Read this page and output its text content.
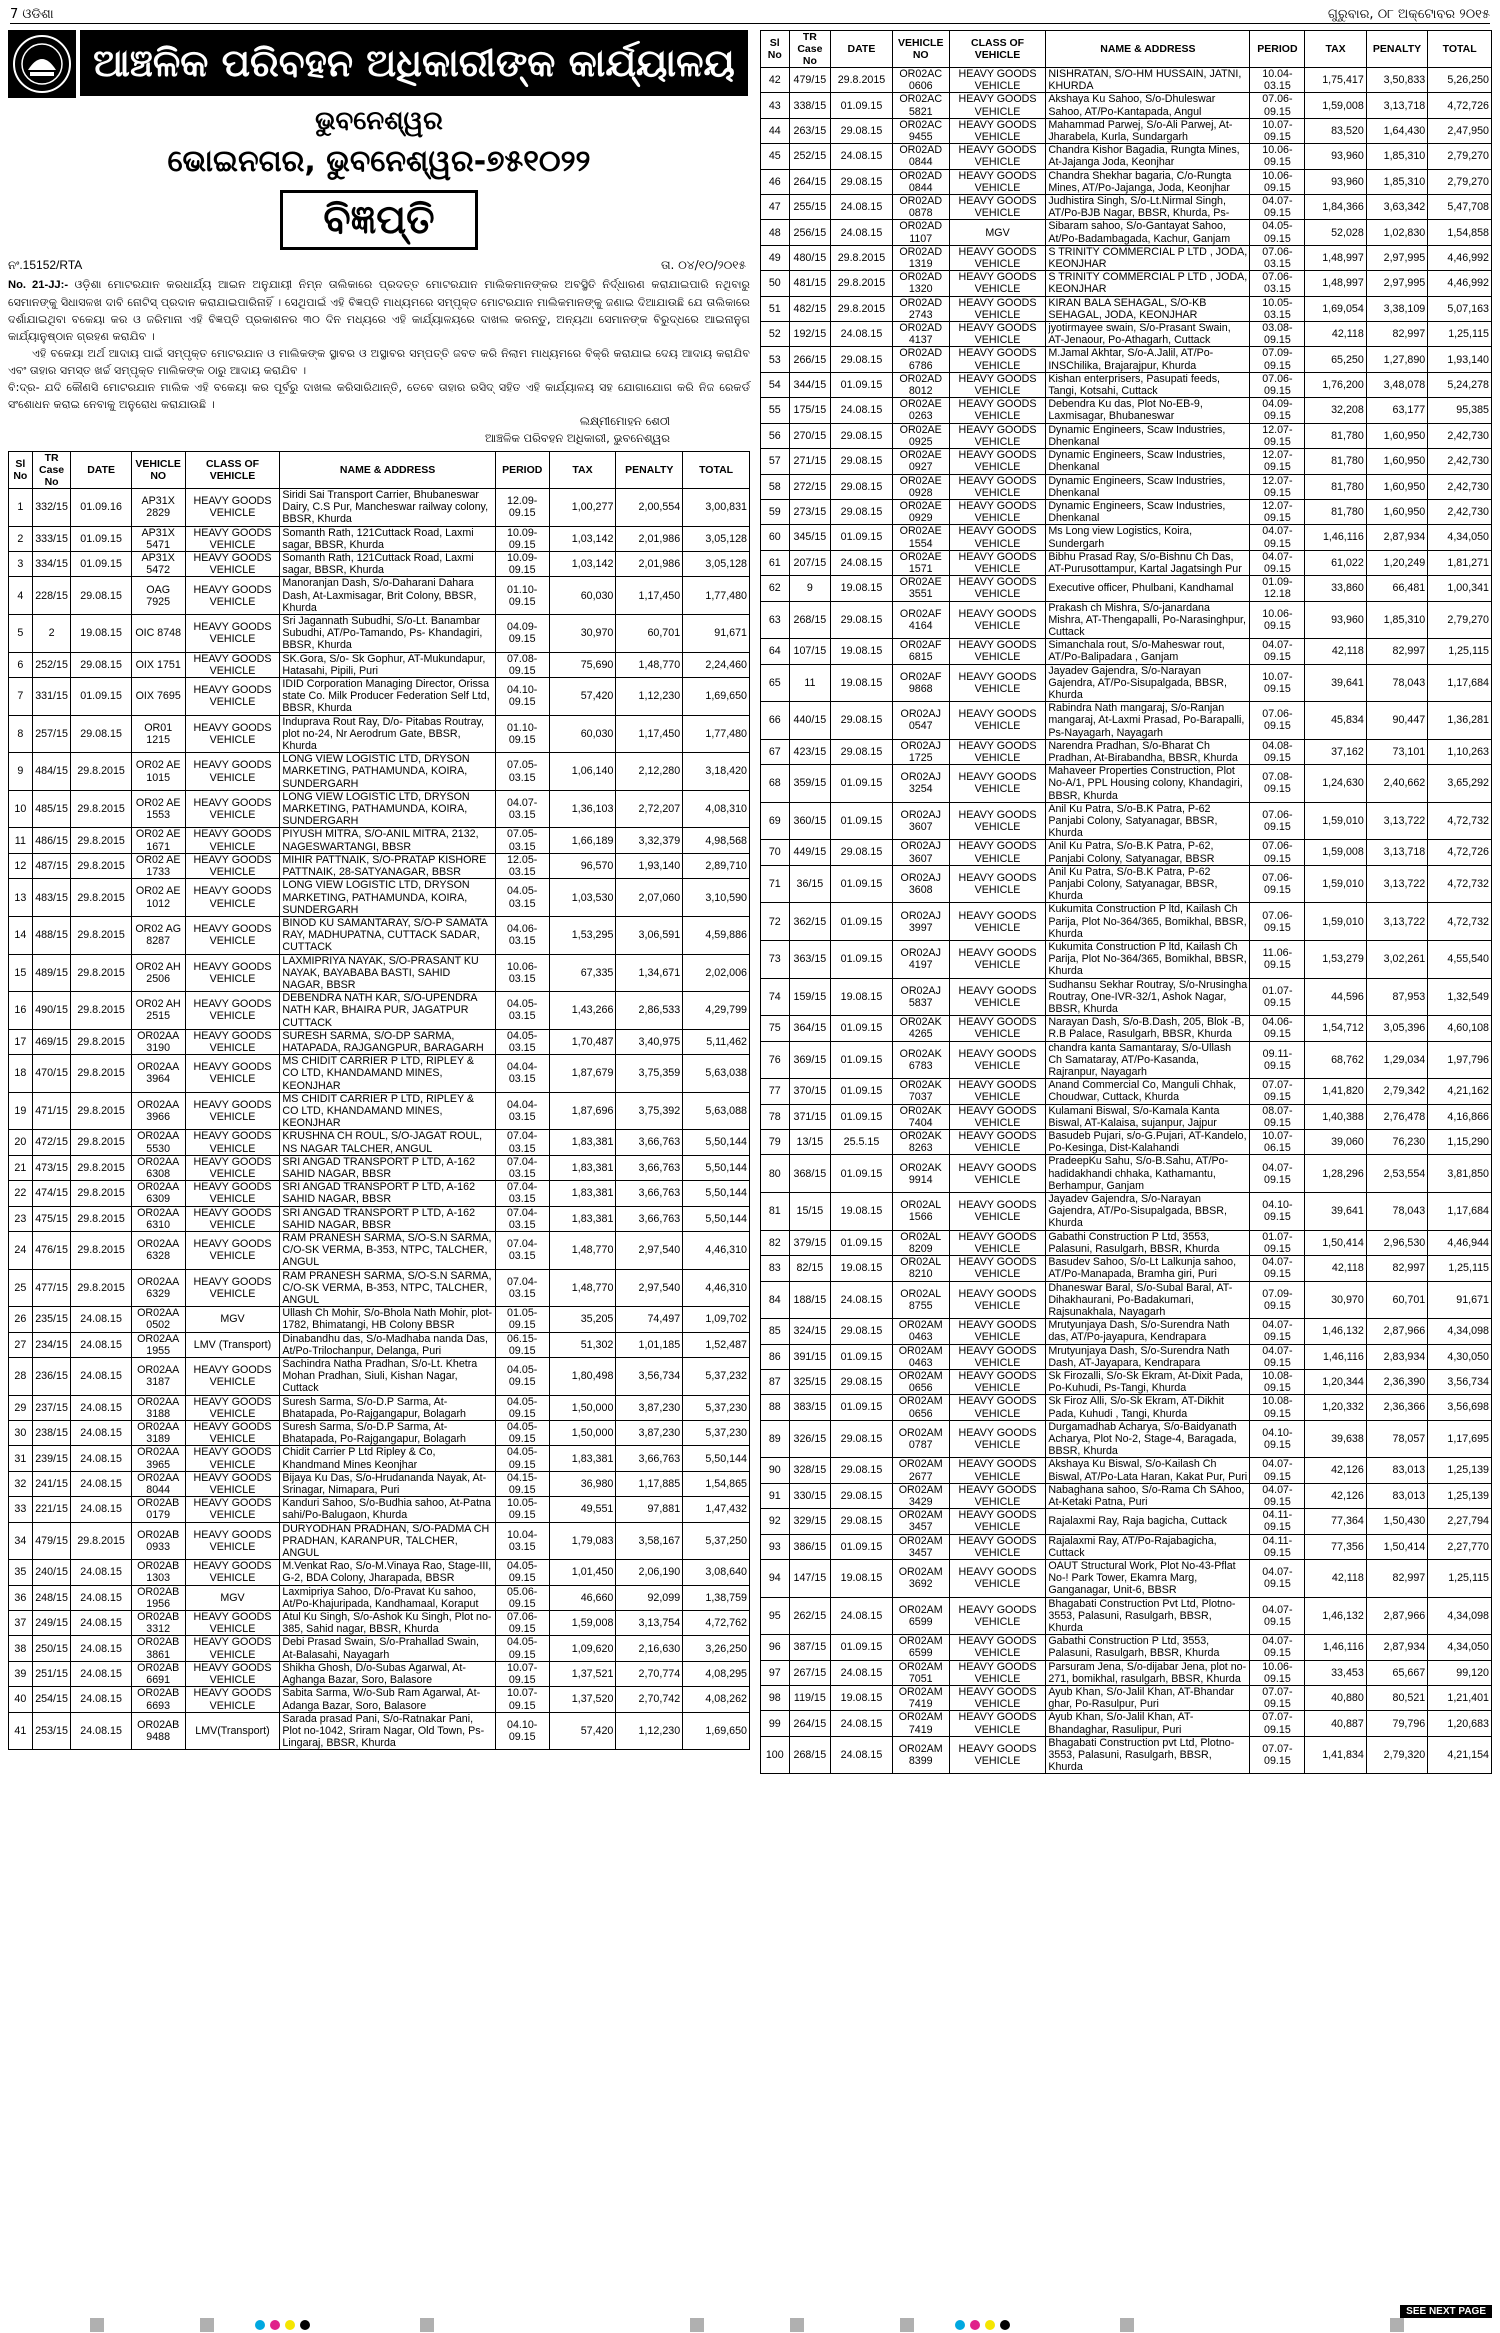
7 ଓଡିଶା	ଗୁରୁବାର, ୦୮ ଅକ୍ଟୋବର ୨୦୧୫
ଆଞ୍ଚଳିକ ପରିବହନ ଅଧିକାରୀଙ୍କ କାର୍ଯ୍ୟାଳୟ
ଭୁବନେଶ୍ୱର
ଭୋଇନଗର, ଭୁବନେଶ୍ୱର-୭୫୧୦୨୨
ବିଜ୍ଞପ୍ତି
ନଂ.15152/RTA	ତା. ୦୪/୧୦/୨୦୧୫

No. 21-JJ:- ଓଡ଼ିଶା ମୋଟରଯାନ କରଧାର୍ଯ୍ୟ ଆଇନ ଅନୁଯାୟୀ ନିମ୍ନ ତାଲିକାରେ ପ୍ରଦତ୍ତ ମୋଟରଯାନ ମାଲିକମାନଙ୍କର ଅବସ୍ଥିତି ନିର୍ଦ୍ଧାରଣ କରାଯାଇପାରି ନଥିବାରୁ ସେମାନଙ୍କୁ ସିଧାସଳଖ ଦାବି ନୋଟିସ୍ ପ୍ରଦାନ କରାଯାଇପାରିନାହିଁ । ସେଥିପାଇଁ ଏହି ବିଜ୍ଞପ୍ତି ମାଧ୍ୟମରେ ସମ୍ପୃକ୍ତ ମୋଟରଯାନ ମାଲିକମାନଙ୍କୁ ଜଣାଇ ଦିଆଯାଉଛି ଯେ ତାଲିକାରେ ଦର୍ଶାଯାଇଥିବା ବକେୟା କର ଓ ଜରିମାନା ଏହି ବିଜ୍ଞପ୍ତି ପ୍ରକାଶନର ୩୦ ଦିନ ମଧ୍ୟରେ ଏହି କାର୍ଯ୍ୟାଳୟରେ ଦାଖଲ କରନ୍ତୁ, ଅନ୍ୟଥା ସେମାନଙ୍କ ବିରୁଦ୍ଧରେ ଆଇନାନୁଗ କାର୍ଯ୍ୟାନୁଷ୍ଠାନ ଗ୍ରହଣ କରାଯିବ ।

ଏହି ବକେୟା ଅର୍ଥ ଆଦାୟ ପାଇଁ ସମ୍ପୃକ୍ତ ମୋଟରଯାନ ଓ ମାଲିକଙ୍କ ସ୍ଥାବର ଓ ଅସ୍ଥାବର ସମ୍ପତ୍ତି ଜବତ କରି ନିଲାମ ମାଧ୍ୟମରେ ବିକ୍ରି କରାଯାଇ ଦେୟ ଆଦାୟ କରାଯିବ ଏବଂ ତାହାର ସମସ୍ତ ଖର୍ଚ୍ଚ ସମ୍ପୃକ୍ତ ମାଲିକଙ୍କ ଠାରୁ ଆଦାୟ କରାଯିବ ।

ବି:ଦ୍ର- ଯଦି କୌଣସି ମୋଟରଯାନ ମାଲିକ ଏହି ବକେୟା କର ପୂର୍ବରୁ ଦାଖଲ କରିସାରିଥାନ୍ତି, ତେବେ ତାହାର ରସିଦ୍ ସହିତ ଏହି କାର୍ଯ୍ୟାଳୟ ସହ ଯୋଗାଯୋଗ କରି ନିଜ ରେକର୍ଡ ସଂଶୋଧନ କରାଇ ନେବାକୁ ଅନୁରୋଧ କରାଯାଉଛି ।

ଲକ୍ଷ୍ମୀମୋହନ ଶେଠୀ
ଆଞ୍ଚଳିକ ପରିବହନ ଅଧିକାରୀ, ଭୁବନେଶ୍ୱର
Sl No	TR Case No	DATE	VEHICLE NO	CLASS OF VEHICLE	NAME & ADDRESS	PERIOD	TAX	PENALTY	TOTAL
1	332/15	01.09.16	AP31X 2829	HEAVY GOODS VEHICLE	Siridi Sai Transport Carrier, Bhubaneswar Dairy, C.S Pur, Mancheswar railway colony, BBSR, Khurda	12.09-09.15	1,00,277	2,00,554	3,00,831
2	333/15	01.09.15	AP31X 5471	HEAVY GOODS VEHICLE	Somanth Rath, 121Cuttack Road, Laxmi sagar, BBSR, Khurda	10.09-09.15	1,03,142	2,01,986	3,05,128
3	334/15	01.09.15	AP31X 5472	HEAVY GOODS VEHICLE	Somanth Rath, 121Cuttack Road, Laxmi sagar, BBSR, Khurda	10.09-09.15	1,03,142	2,01,986	3,05,128
4	228/15	29.08.15	OAG 7925	HEAVY GOODS VEHICLE	Manoranjan Dash, S/o-Daharani Dahara Dash, At-Laxmisagar, Brit Colony, BBSR, Khurda	01.10-09.15	60,030	1,17,450	1,77,480
5	2	19.08.15	OIC 8748	HEAVY GOODS VEHICLE	Sri Jagannath Subudhi, S/o-Lt. Banambar Subudhi, AT/Po-Tamando, Ps- Khandagiri, BBSR, Khurda	04.09-09.15	30,970	60,701	91,671
6	252/15	29.08.15	OIX 1751	HEAVY GOODS VEHICLE	SK.Gora, S/o- Sk Gophur, AT-Mukundapur, Hatasahi, Pipili, Puri	07.08-09.15	75,690	1,48,770	2,24,460
7	331/15	01.09.15	OIX 7695	HEAVY GOODS VEHICLE	IDID Corporation Managing Director, Orissa state Co. Milk Producer Federation Self Ltd, BBSR, Khurda	04.10-09.15	57,420	1,12,230	1,69,650
8	257/15	29.08.15	OR01 1215	HEAVY GOODS VEHICLE	Induprava Rout Ray, D/o- Pitabas Routray, plot no-24, Nr Aerodrum Gate, BBSR, Khurda	01.10-09.15	60,030	1,17,450	1,77,480
9	484/15	29.8.2015	OR02 AE 1015	HEAVY GOODS VEHICLE	LONG VIEW LOGISTIC LTD, DRYSON MARKETING, PATHAMUNDA, KOIRA, SUNDERGARH	07.05-03.15	1,06,140	2,12,280	3,18,420
10	485/15	29.8.2015	OR02 AE 1553	HEAVY GOODS VEHICLE	LONG VIEW LOGISTIC LTD, DRYSON MARKETING, PATHAMUNDA, KOIRA, SUNDERGARH	04.07-03.15	1,36,103	2,72,207	4,08,310
11	486/15	29.8.2015	OR02 AE 1671	HEAVY GOODS VEHICLE	PIYUSH MITRA, S/O-ANIL MITRA, 2132, NAGESWARTANGI, BBSR	07.05-03.15	1,66,189	3,32,379	4,98,568
12	487/15	29.8.2015	OR02 AE 1733	HEAVY GOODS VEHICLE	MIHIR PATTNAIK, S/O-PRATAP KISHORE PATTNAIK, 28-SATYANAGAR, BBSR	12.05-03.15	96,570	1,93,140	2,89,710
13	483/15	29.8.2015	OR02 AE 1012	HEAVY GOODS VEHICLE	LONG VIEW LOGISTIC LTD, DRYSON MARKETING, PATHAMUNDA, KOIRA, SUNDERGARH	04.05-03.15	1,03,530	2,07,060	3,10,590
14	488/15	29.8.2015	OR02 AG 8287	HEAVY GOODS VEHICLE	BINOD KU SAMANTARAY, S/O-P SAMATA RAY, MADHUPATNA, CUTTACK SADAR, CUTTACK	04.06-03.15	1,53,295	3,06,591	4,59,886
15	489/15	29.8.2015	OR02 AH 2506	HEAVY GOODS VEHICLE	LAXMIPRIYA NAYAK, S/O-PRASANT KU NAYAK, BAYABABA BASTI, SAHID NAGAR, BBSR	10.06-03.15	67,335	1,34,671	2,02,006
16	490/15	29.8.2015	OR02 AH 2515	HEAVY GOODS VEHICLE	DEBENDRA NATH KAR, S/O-UPENDRA NATH KAR, BHAIRA PUR, JAGATPUR CUTTACK	04.05-03.15	1,43,266	2,86,533	4,29,799
17	469/15	29.8.2015	OR02AA 3190	HEAVY GOODS VEHICLE	SURESH SARMA, S/O-DP SARMA, HATAPADA, RAJGANGPUR, BARAGARH	04.05-03.15	1,70,487	3,40,975	5,11,462
18	470/15	29.8.2015	OR02AA 3964	HEAVY GOODS VEHICLE	MS CHIDIT CARRIER P LTD, RIPLEY & CO LTD, KHANDAMAND MINES, KEONJHAR	04.04-03.15	1,87,679	3,75,359	5,63,038
19	471/15	29.8.2015	OR02AA 3966	HEAVY GOODS VEHICLE	MS CHIDIT CARRIER P LTD, RIPLEY & CO LTD, KHANDAMAND MINES, KEONJHAR	04.04-03.15	1,87,696	3,75,392	5,63,088
20	472/15	29.8.2015	OR02AA 5530	HEAVY GOODS VEHICLE	KRUSHNA CH ROUL, S/O-JAGAT ROUL, NS NAGAR TALCHER, ANGUL	07.04-03.15	1,83,381	3,66,763	5,50,144
21	473/15	29.8.2015	OR02AA 6308	HEAVY GOODS VEHICLE	SRI ANGAD TRANSPORT P LTD, A-162 SAHID NAGAR, BBSR	07.04-03.15	1,83,381	3,66,763	5,50,144
22	474/15	29.8.2015	OR02AA 6309	HEAVY GOODS VEHICLE	SRI ANGAD TRANSPORT P LTD, A-162 SAHID NAGAR, BBSR	07.04-03.15	1,83,381	3,66,763	5,50,144
23	475/15	29.8.2015	OR02AA 6310	HEAVY GOODS VEHICLE	SRI ANGAD TRANSPORT P LTD, A-162 SAHID NAGAR, BBSR	07.04-03.15	1,83,381	3,66,763	5,50,144
24	476/15	29.8.2015	OR02AA 6328	HEAVY GOODS VEHICLE	RAM PRANESH SARMA, S/O-S.N SARMA, C/O-SK VERMA, B-353, NTPC, TALCHER, ANGUL	07.04-03.15	1,48,770	2,97,540	4,46,310
25	477/15	29.8.2015	OR02AA 6329	HEAVY GOODS VEHICLE	RAM PRANESH SARMA, S/O-S.N SARMA, C/O-SK VERMA, B-353, NTPC, TALCHER, ANGUL	07.04-03.15	1,48,770	2,97,540	4,46,310
26	235/15	24.08.15	OR02AA 0502	MGV	Ullash Ch Mohir, S/o-Bhola Nath Mohir, plot-1782, Bhimatangi, HB Colony BBSR	01.05-09.15	35,205	74,497	1,09,702
27	234/15	24.08.15	OR02AA 1955	LMV (Transport)	Dinabandhu das, S/o-Madhaba nanda Das, At/Po-Trilochanpur, Delanga, Puri	06.15-09.15	51,302	1,01,185	1,52,487
28	236/15	24.08.15	OR02AA 3187	HEAVY GOODS VEHICLE	Sachindra Natha Pradhan, S/o-Lt. Khetra Mohan Pradhan, Siuli, Kishan Nagar, Cuttack	04.05-09.15	1,80,498	3,56,734	5,37,232
29	237/15	24.08.15	OR02AA 3188	HEAVY GOODS VEHICLE	Suresh Sarma, S/o-D.P Sarma, At- Bhatapada, Po-Rajgangapur, Bolagarh	04.05-09.15	1,50,000	3,87,230	5,37,230
30	238/15	24.08.15	OR02AA 3189	HEAVY GOODS VEHICLE	Suresh Sarma, S/o-D.P Sarma, At- Bhatapada, Po-Rajgangapur, Bolagarh	04.05-09.15	1,50,000	3,87,230	5,37,230
31	239/15	24.08.15	OR02AA 3965	HEAVY GOODS VEHICLE	Chidit Carrier P Ltd Ripley & Co, Khandmand Mines Keonjhar	04.05-09.15	1,83,381	3,66,763	5,50,144
32	241/15	24.08.15	OR02AA 8044	HEAVY GOODS VEHICLE	Bijaya Ku Das, S/o-Hrudananda Nayak, At-Srinagar, Nimapara, Puri	04.15-09.15	36,980	1,17,885	1,54,865
33	221/15	24.08.15	OR02AB 0179	HEAVY GOODS VEHICLE	Kanduri Sahoo, S/o-Budhia sahoo, At-Patna sahi/Po-Balugaon, Khurda	10.05-09.15	49,551	97,881	1,47,432
34	479/15	29.8.2015	OR02AB 0933	HEAVY GOODS VEHICLE	DURYODHAN PRADHAN, S/O-PADMA CH PRADHAN, KARANPUR, TALCHER, ANGUL	10.04-03.15	1,79,083	3,58,167	5,37,250
35	240/15	24.08.15	OR02AB 1303	HEAVY GOODS VEHICLE	M.Venkat Rao, S/o-M.Vinaya Rao, Stage-III, G-2, BDA Colony, Jharapada, BBSR	04.05-09.15	1,01,450	2,06,190	3,08,640
36	248/15	24.08.15	OR02AB 1956	MGV	Laxmipriya Sahoo, D/o-Pravat Ku sahoo, At/Po-Khajuripada, Kandhamaal, Koraput	05.06-09.15	46,660	92,099	1,38,759
37	249/15	24.08.15	OR02AB 3312	HEAVY GOODS VEHICLE	Atul Ku Singh, S/o-Ashok Ku Singh, Plot no-385, Sahid nagar, BBSR, Khurda	07.06-09.15	1,59,008	3,13,754	4,72,762
38	250/15	24.08.15	OR02AB 3861	HEAVY GOODS VEHICLE	Debi Prasad Swain, S/o-Prahallad Swain, At-Balasahi, Nayagarh	04.05-09.15	1,09,620	2,16,630	3,26,250
39	251/15	24.08.15	OR02AB 6691	HEAVY GOODS VEHICLE	Shikha Ghosh, D/o-Subas Agarwal, At-Aghanga Bazar, Soro, Balasore	10.07-09.15	1,37,521	2,70,774	4,08,295
40	254/15	24.08.15	OR02AB 6693	HEAVY GOODS VEHICLE	Sabita Sarma, W/o-Sub Ram Agarwal, At-Adanga Bazar, Soro, Balasore	10.07-09.15	1,37,520	2,70,742	4,08,262
41	253/15	24.08.15	OR02AB 9488	LMV(Transport)	Sarada prasad Pani, S/o-Ratnakar Pani, Plot no-1042, Sriram Nagar, Old Town, Ps-Lingaraj, BBSR, Khurda	04.10-09.15	57,420	1,12,230	1,69,650
Sl No	TR Case No	DATE	VEHICLE NO	CLASS OF VEHICLE	NAME & ADDRESS	PERIOD	TAX	PENALTY	TOTAL
42	479/15	29.8.2015	OR02AC 0606	HEAVY GOODS VEHICLE	NISHRATAN, S/O-HM HUSSAIN, JATNI, KHURDA	10.04-03.15	1,75,417	3,50,833	5,26,250
43	338/15	01.09.15	OR02AC 5821	HEAVY GOODS VEHICLE	Akshaya Ku Sahoo, S/o-Dhuleswar Sahoo, AT/Po-Kantapada, Angul	07.06-09.15	1,59,008	3,13,718	4,72,726
44	263/15	29.08.15	OR02AC 9455	HEAVY GOODS VEHICLE	Mahammad Parwej, S/o-Ali Parwej, At-Jharabela, Kurla, Sundargarh	10.07-09.15	83,520	1,64,430	2,47,950
45	252/15	24.08.15	OR02AD 0844	HEAVY GOODS VEHICLE	Chandra Kishor Bagadia, Rungta Mines, At-Jajanga Joda, Keonjhar	10.06-09.15	93,960	1,85,310	2,79,270
46	264/15	29.08.15	OR02AD 0844	HEAVY GOODS VEHICLE	Chandra Shekhar bagaria, C/o-Rungta Mines, AT/Po-Jajanga, Joda, Keonjhar	10.06-09.15	93,960	1,85,310	2,79,270
47	255/15	24.08.15	OR02AD 0878	HEAVY GOODS VEHICLE	Judhistira Singh, S/o-Lt.Nirmal Singh, AT/Po-BJB Nagar, BBSR, Khurda, Ps-	04.07-09.15	1,84,366	3,63,342	5,47,708
48	256/15	24.08.15	OR02AD 1107	MGV	Sibaram sahoo, S/o-Gantayat Sahoo, At/Po-Badambagada, Kachur, Ganjam	04.05-09.15	52,028	1,02,830	1,54,858
49	480/15	29.8.2015	OR02AD 1319	HEAVY GOODS VEHICLE	S TRINITY COMMERCIAL P LTD , JODA, KEONJHAR	07.06-03.15	1,48,997	2,97,995	4,46,992
50	481/15	29.8.2015	OR02AD 1320	HEAVY GOODS VEHICLE	S TRINITY COMMERCIAL P LTD , JODA, KEONJHAR	07.06-03.15	1,48,997	2,97,995	4,46,992
51	482/15	29.8.2015	OR02AD 2743	HEAVY GOODS VEHICLE	KIRAN BALA SEHAGAL, S/O-KB SEHAGAL, JODA, KEONJHAR	10.05-03.15	1,69,054	3,38,109	5,07,163
52	192/15	24.08.15	OR02AD 4137	HEAVY GOODS VEHICLE	jyotirmayee swain, S/o-Prasant Swain, AT-Jenaour, Po-Athagarh, Cuttack	03.08-09.15	42,118	82,997	1,25,115
53	266/15	29.08.15	OR02AD 6786	HEAVY GOODS VEHICLE	M.Jamal Akhtar, S/o-A.Jalil, AT/Po-INSChilika, Brajarajpur, Khurda	07.09-09.15	65,250	1,27,890	1,93,140
54	344/15	01.09.15	OR02AD 8012	HEAVY GOODS VEHICLE	Kishan enterprisers, Pasupati feeds, Tangi, Kotsahi, Cuttack	07.06-09.15	1,76,200	3,48,078	5,24,278
55	175/15	24.08.15	OR02AE 0263	HEAVY GOODS VEHICLE	Debendra Ku das, Plot No-EB-9, Laxmisagar, Bhubaneswar	04.09-09.15	32,208	63,177	95,385
56	270/15	29.08.15	OR02AE 0925	HEAVY GOODS VEHICLE	Dynamic Engineers, Scaw Industries, Dhenkanal	12.07-09.15	81,780	1,60,950	2,42,730
57	271/15	29.08.15	OR02AE 0927	HEAVY GOODS VEHICLE	Dynamic Engineers, Scaw Industries, Dhenkanal	12.07-09.15	81,780	1,60,950	2,42,730
58	272/15	29.08.15	OR02AE 0928	HEAVY GOODS VEHICLE	Dynamic Engineers, Scaw Industries, Dhenkanal	12.07-09.15	81,780	1,60,950	2,42,730
59	273/15	29.08.15	OR02AE 0929	HEAVY GOODS VEHICLE	Dynamic Engineers, Scaw Industries, Dhenkanal	12.07-09.15	81,780	1,60,950	2,42,730
60	345/15	01.09.15	OR02AE 1554	HEAVY GOODS VEHICLE	Ms Long view Logistics, Koira, Sundergarh	04.07-09.15	1,46,116	2,87,934	4,34,050
61	207/15	24.08.15	OR02AE 1571	HEAVY GOODS VEHICLE	Bibhu Prasad Ray, S/o-Bishnu Ch Das, AT-Purusottampur, Kartal Jagatsingh Pur	04.07-09.15	61,022	1,20,249	1,81,271
62	9	19.08.15	OR02AE 3551	HEAVY GOODS VEHICLE	Executive officer, Phulbani, Kandhamal	01.09-12.18	33,860	66,481	1,00,341
63	268/15	29.08.15	OR02AF 4164	HEAVY GOODS VEHICLE	Prakash ch Mishra, S/o-janardana Mishra, AT-Thengapalli, Po-Narasinghpur, Cuttack	10.06-09.15	93,960	1,85,310	2,79,270
64	107/15	19.08.15	OR02AF 6815	HEAVY GOODS VEHICLE	Simanchala rout, S/o-Maheswar rout, AT/Po-Balipadara , Ganjam	04.07-09.15	42,118	82,997	1,25,115
65	11	19.08.15	OR02AF 9868	HEAVY GOODS VEHICLE	Jayadev Gajendra, S/o-Narayan Gajendra, AT/Po-Sisupalgada, BBSR, Khurda	10.07-09.15	39,641	78,043	1,17,684
66	440/15	29.08.15	OR02AJ 0547	HEAVY GOODS VEHICLE	Rabindra Nath mangaraj, S/o-Ranjan mangaraj, At-Laxmi Prasad, Po-Barapalli, Ps-Nayagarh, Nayagarh	07.06-09.15	45,834	90,447	1,36,281
67	423/15	29.08.15	OR02AJ 1725	HEAVY GOODS VEHICLE	Narendra Pradhan, S/o-Bharat Ch Pradhan, At-Birabandha, BBSR, Khurda	04.08-09.15	37,162	73,101	1,10,263
68	359/15	01.09.15	OR02AJ 3254	HEAVY GOODS VEHICLE	Mahaveer Properties Construction, Plot No-A/1, PPL Housing colony, Khandagiri, BBSR, Khurda	07.08-09.15	1,24,630	2,40,662	3,65,292
69	360/15	01.09.15	OR02AJ 3607	HEAVY GOODS VEHICLE	Anil Ku Patra, S/o-B.K Patra, P-62 Panjabi Colony, Satyanagar, BBSR, Khurda	07.06-09.15	1,59,010	3,13,722	4,72,732
70	449/15	29.08.15	OR02AJ 3607	HEAVY GOODS VEHICLE	Anil Ku Patra, S/o-B.K Patra, P-62, Panjabi Colony, Satyanagar, BBSR	07.06-09.15	1,59,008	3,13,718	4,72,726
71	36/15	01.09.15	OR02AJ 3608	HEAVY GOODS VEHICLE	Anil Ku Patra, S/o-B.K Patra, P-62 Panjabi Colony, Satyanagar, BBSR, Khurda	07.06-09.15	1,59,010	3,13,722	4,72,732
72	362/15	01.09.15	OR02AJ 3997	HEAVY GOODS VEHICLE	Kukumita Construction P ltd, Kailash Ch Parija, Plot No-364/365, Bomikhal, BBSR, Khurda	07.06-09.15	1,59,010	3,13,722	4,72,732
73	363/15	01.09.15	OR02AJ 4197	HEAVY GOODS VEHICLE	Kukumita Construction P ltd, Kailash Ch Parija, Plot No-364/365, Bomikhal, BBSR, Khurda	11.06-09.15	1,53,279	3,02,261	4,55,540
74	159/15	19.08.15	OR02AJ 5837	HEAVY GOODS VEHICLE	Sudhansu Sekhar Routray, S/o-Nrusingha Routray, One-IVR-32/1, Ashok Nagar, BBSR, Khurda	01.07-09.15	44,596	87,953	1,32,549
75	364/15	01.09.15	OR02AK 4265	HEAVY GOODS VEHICLE	Narayan Dash, S/o-B.Dash, 205, Blok -B, R.B Palace, Rasulgarh, BBSR, Khurda	04.06-09.15	1,54,712	3,05,396	4,60,108
76	369/15	01.09.15	OR02AK 6783	HEAVY GOODS VEHICLE	chandra kanta Samantaray, S/o-Ullash Ch Samataray, AT/Po-Kasanda, Rajranpur, Nayagarh	09.11-09.15	68,762	1,29,034	1,97,796
77	370/15	01.09.15	OR02AK 7037	HEAVY GOODS VEHICLE	Anand Commercial Co, Manguli Chhak, Choudwar, Cuttack, Khurda	07.07-09.15	1,41,820	2,79,342	4,21,162
78	371/15	01.09.15	OR02AK 7404	HEAVY GOODS VEHICLE	Kulamani Biswal, S/o-Kamala Kanta Biswal, AT-Kalaisa, sujanpur, Jajpur	08.07-09.15	1,40,388	2,76,478	4,16,866
79	13/15	25.5.15	OR02AK 8263	HEAVY GOODS VEHICLE	Basudeb Pujari, s/o-G.Pujari, AT-Kandelo, Po-Kesinga, Dist-Kalahandi	10.07-06.15	39,060	76,230	1,15,290
80	368/15	01.09.15	OR02AK 9914	HEAVY GOODS VEHICLE	PradeepKu Sahu, S/o-B.Sahu, AT/Po-hadidakhandi chhaka, Kathamantu, Berhampur, Ganjam	04.07-09.15	1,28,296	2,53,554	3,81,850
81	15/15	19.08.15	OR02AL 1566	HEAVY GOODS VEHICLE	Jayadev Gajendra, S/o-Narayan Gajendra, AT/Po-Sisupalgada, BBSR, Khurda	04.10-09.15	39,641	78,043	1,17,684
82	379/15	01.09.15	OR02AL 8209	HEAVY GOODS VEHICLE	Gabathi Construction P Ltd, 3553, Palasuni, Rasulgarh, BBSR, Khurda	01.07-09.15	1,50,414	2,96,530	4,46,944
83	82/15	19.08.15	OR02AL 8210	HEAVY GOODS VEHICLE	Basudev Sahoo, S/o-Lt Lalkunja sahoo, AT/Po-Manapada, Bramha giri, Puri	04.07-09.15	42,118	82,997	1,25,115
84	188/15	24.08.15	OR02AL 8755	HEAVY GOODS VEHICLE	Dhaneswar Baral, S/o-Subal Baral, AT-Dihakhaurani, Po-Badakumari, Rajsunakhala, Nayagarh	07.09-09.15	30,970	60,701	91,671
85	324/15	29.08.15	OR02AM 0463	HEAVY GOODS VEHICLE	Mrutyunjaya Dash, S/o-Surendra Nath das, AT/Po-jayapura, Kendrapara	04.07-09.15	1,46,132	2,87,966	4,34,098
86	391/15	01.09.15	OR02AM 0463	HEAVY GOODS VEHICLE	Mrutyunjaya Dash, S/o-Surendra Nath Dash, AT-Jayapara, Kendrapara	04.07-09.15	1,46,116	2,83,934	4,30,050
87	325/15	29.08.15	OR02AM 0656	HEAVY GOODS VEHICLE	Sk Firozalli, S/o-Sk Ekram, At-Dixit Pada, Po-Kuhudi, Ps-Tangi, Khurda	10.08-09.15	1,20,344	2,36,390	3,56,734
88	383/15	01.09.15	OR02AM 0656	HEAVY GOODS VEHICLE	Sk Firoz Alli, S/o-Sk Ekram, AT-Dikhit Pada, Kuhudi , Tangi, Khurda	10.08-09.15	1,20,332	2,36,366	3,56,698
89	326/15	29.08.15	OR02AM 0787	HEAVY GOODS VEHICLE	Durgamadhab Acharya, S/o-Baidyanath Acharya, Plot No-2, Stage-4, Baragada, BBSR, Khurda	04.10-09.15	39,638	78,057	1,17,695
90	328/15	29.08.15	OR02AM 2677	HEAVY GOODS VEHICLE	Akshaya Ku Biswal, S/o-Kailash Ch Biswal, AT/Po-Lata Haran, Kakat Pur, Puri	04.07-09.15	42,126	83,013	1,25,139
91	330/15	29.08.15	OR02AM 3429	HEAVY GOODS VEHICLE	Nabaghana sahoo, S/o-Rama Ch SAhoo, At-Ketaki Patna, Puri	04.07-09.15	42,126	83,013	1,25,139
92	329/15	29.08.15	OR02AM 3457	HEAVY GOODS VEHICLE	Rajalaxmi Ray, Raja bagicha, Cuttack	04.11-09.15	77,364	1,50,430	2,27,794
93	386/15	01.09.15	OR02AM 3457	HEAVY GOODS VEHICLE	Rajalaxmi Ray, AT/Po-Rajabagicha, Cuttack	04.11-09.15	77,356	1,50,414	2,27,770
94	147/15	19.08.15	OR02AM 3692	HEAVY GOODS VEHICLE	OAUT Structural Work, Plot No-43-Pflat No-! Park Tower, Ekamra Marg, Ganganagar, Unit-6, BBSR	04.07-09.15	42,118	82,997	1,25,115
95	262/15	24.08.15	OR02AM 6599	HEAVY GOODS VEHICLE	Bhagabati Construction Pvt Ltd, Plotno-3553, Palasuni, Rasulgarh, BBSR, Khurda	04.07-09.15	1,46,132	2,87,966	4,34,098
96	387/15	01.09.15	OR02AM 6599	HEAVY GOODS VEHICLE	Gabathi Construction P Ltd, 3553, Palasuni, Rasulgarh, BBSR, Khurda	04.07-09.15	1,46,116	2,87,934	4,34,050
97	267/15	24.08.15	OR02AM 7051	HEAVY GOODS VEHICLE	Parsuram Jena, S/o-dijabar Jena, plot no-271, bomikhal, rasulgarh, BBSR, Khurda	10.06-09.15	33,453	65,667	99,120
98	119/15	19.08.15	OR02AM 7419	HEAVY GOODS VEHICLE	Ayub Khan, S/o-Jalil Khan, AT-Bhandar ghar, Po-Rasulpur, Puri	07.07-09.15	40,880	80,521	1,21,401
99	264/15	24.08.15	OR02AM 7419	HEAVY GOODS VEHICLE	Ayub Khan, S/o-Jalil Khan, AT-Bhandaghar, Rasulipur, Puri	07.07-09.15	40,887	79,796	1,20,683
100	268/15	24.08.15	OR02AM 8399	HEAVY GOODS VEHICLE	Bhagabati Construction pvt Ltd, Plotno-3553, Palasuni, Rasulgarh, BBSR, Khurda	07.07-09.15	1,41,834	2,79,320	4,21,154
SEE NEXT PAGE
